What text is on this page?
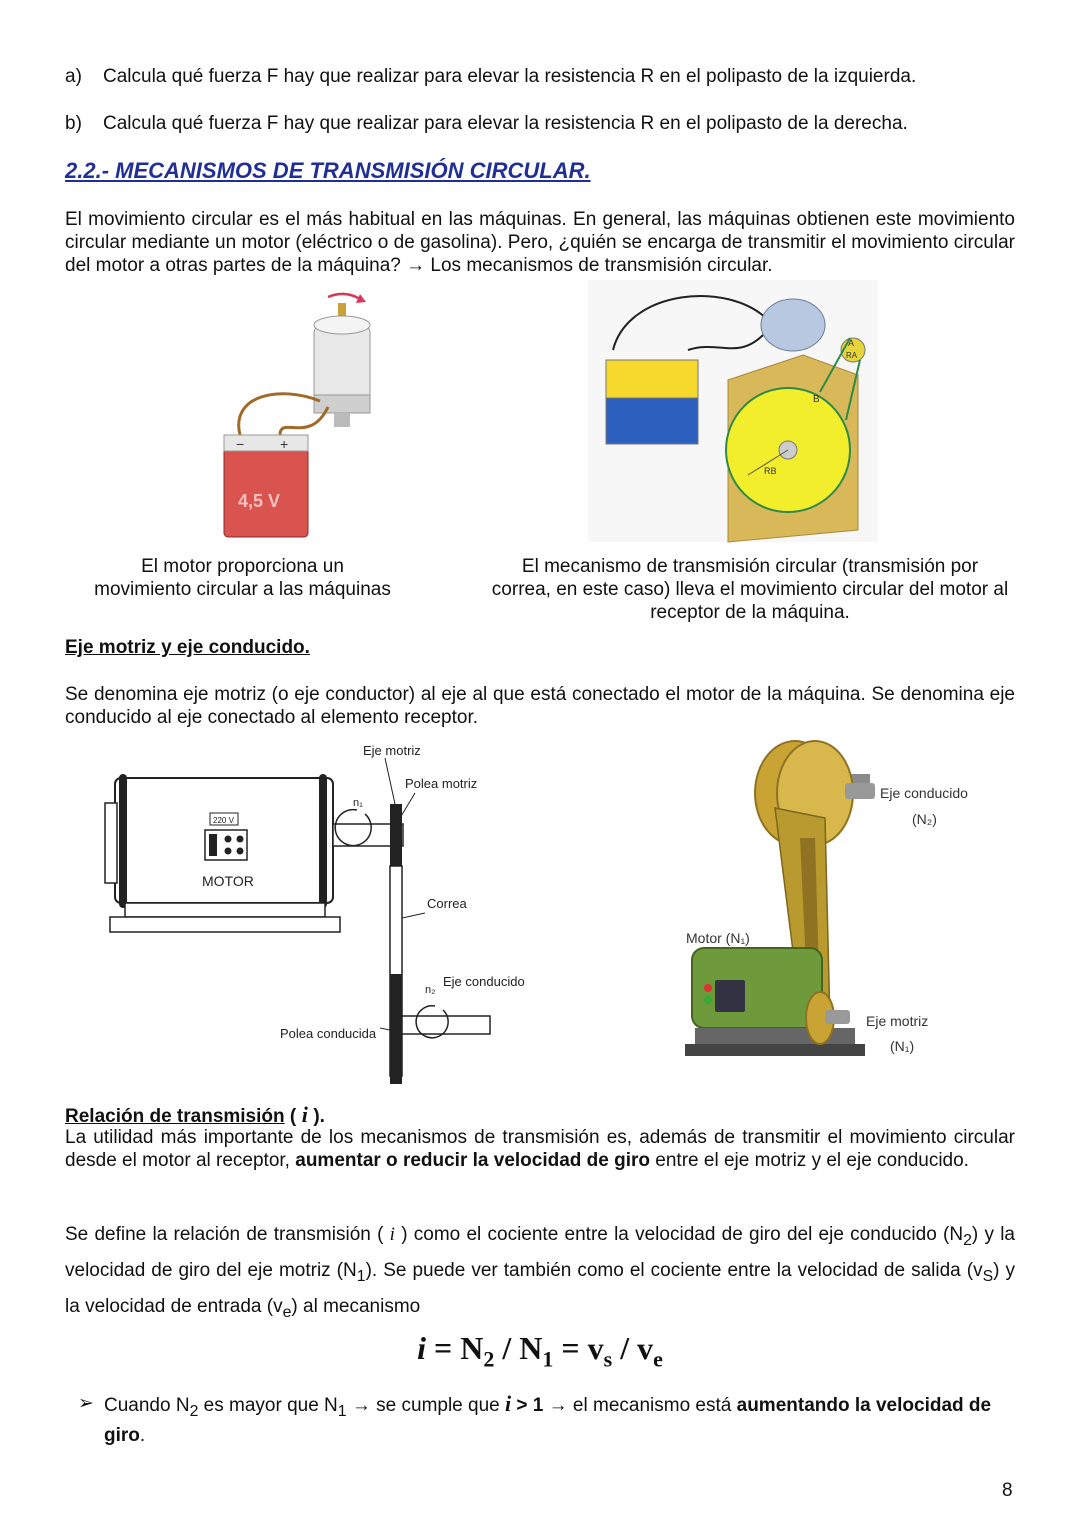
a) Calcula qué fuerza F hay que realizar para elevar la resistencia R en el polipasto de la izquierda.
b) Calcula qué fuerza F hay que realizar para elevar la resistencia R en el polipasto de la derecha.
2.2.- MECANISMOS DE TRANSMISIÓN CIRCULAR.
El movimiento circular es el más habitual en las máquinas. En general, las máquinas obtienen este movimiento circular mediante un motor (eléctrico o de gasolina). Pero, ¿quién se encarga de transmitir el movimiento circular del motor a otras partes de la máquina? → Los mecanismos de transmisión circular.
−	+
4,5 V
A
RA
B
RB
El motor proporciona un
movimiento circular a las máquinas
El mecanismo de transmisión circular (transmisión por
correa, en este caso) lleva el movimiento circular del motor al
receptor de la máquina.
Eje motriz y eje conducido.
Se denomina eje motriz (o eje conductor) al eje al que está conectado el motor de la máquina. Se denomina eje conducido al eje conectado al elemento receptor.
220 V
MOTOR
n₁
Eje motriz
Polea motriz
Correa
n₂
Eje conducido
Polea conducida
Eje conducido
(N₂)
Motor (N₁)
Eje motriz
(N₁)
Relación de transmisión ( i ).
La utilidad más importante de los mecanismos de transmisión es, además de transmitir el movimiento circular desde el motor al receptor, aumentar o reducir la velocidad de giro entre el eje motriz y el eje conducido.
Se define la relación de transmisión ( i ) como el cociente entre la velocidad de giro del eje conducido $(N_2)$ y la velocidad de giro del eje motriz $(N_1)$. Se puede ver también como el cociente entre la velocidad de salida $(v_S)$ y la velocidad de entrada $(v_e)$ al mecanismo
$i = N_2 / N_1 = v_s / v_e$
➢ Cuando $N_2$ es mayor que $N_1$ → se cumple que i > 1 → el mecanismo está aumentando la velocidad de giro.
8
